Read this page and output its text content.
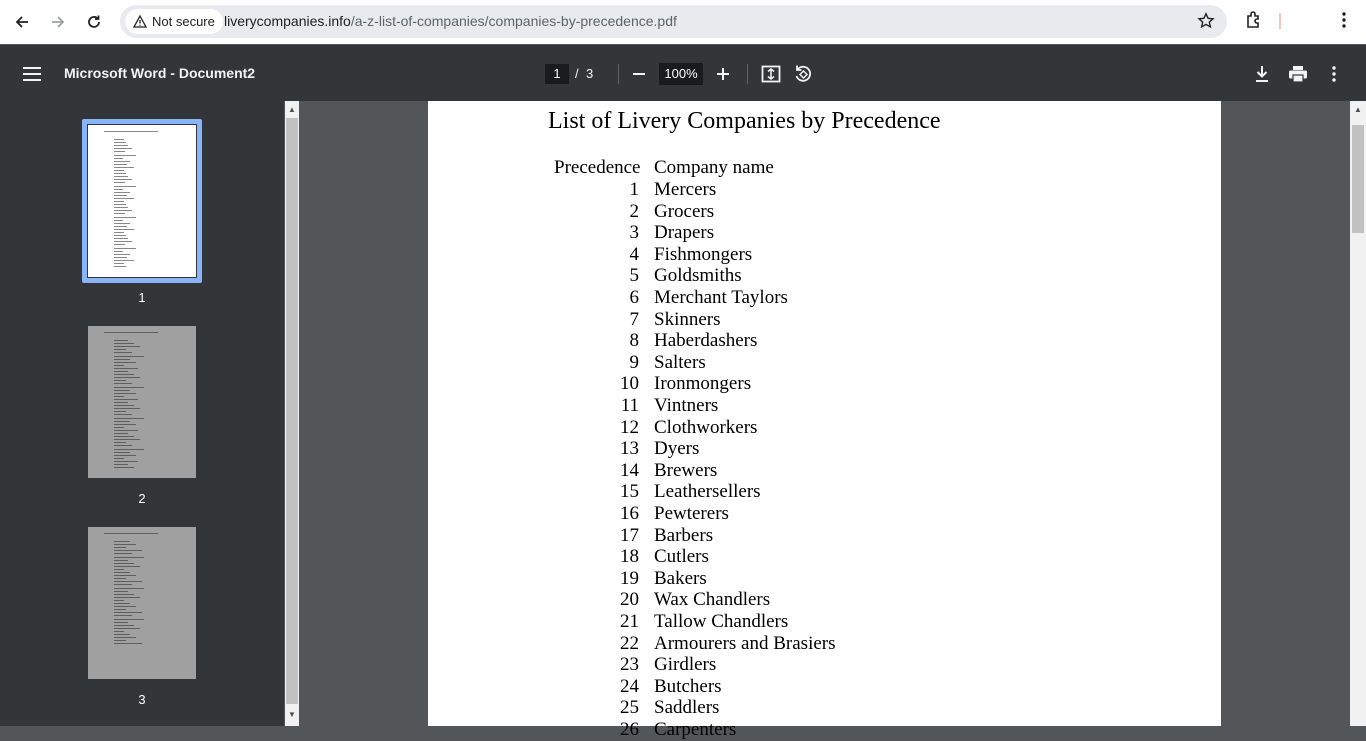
Not secure liverycompanies.info/a-z-list-of-companies/companies-by-precedence.pdf
Microsoft Word - Document2	1	/ 3	100%
1
2
3
▲
▼
List of Livery Companies by Precedence
Precedence Company name
1 Mercers
2 Grocers
3 Drapers
4 Fishmongers
5 Goldsmiths
6 Merchant Taylors
7 Skinners
8 Haberdashers
9 Salters
10 Ironmongers
11 Vintners
12 Clothworkers
13 Dyers
14 Brewers
15 Leathersellers
16 Pewterers
17 Barbers
18 Cutlers
19 Bakers
20 Wax Chandlers
21 Tallow Chandlers
22 Armourers and Brasiers
23 Girdlers
24 Butchers
25 Saddlers
26 Carpenters
▲
